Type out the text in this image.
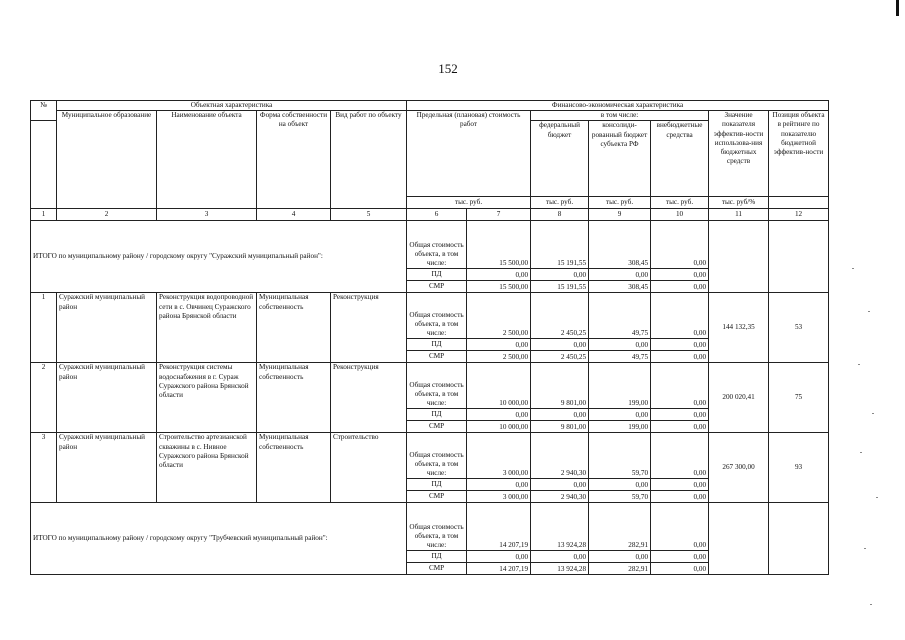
152
№	Объектная характеристика				Финансово-экономическая характеристика						
	Муниципальное образование	Наименование объекта	Форма собственности на объект	Вид работ по объекту	Предельная (плановая) стоимость работ		в том числе:			Значение показателя эффектив-ности использова-ния бюджетных средств	Позиция объекта в рейтинге по показателю бюджетной эффектив-ности
							федеральный бюджет	консолиди-рованный бюджет субъекта РФ	внебюджетные средства		
					тыс. руб.		тыс. руб.	тыс. руб.	тыс. руб.	тыс. руб/%	
1	2	3	4	5	6	7	8	9	10	11	12
ИТОГО по муниципальному району / городскому округу "Суражский муниципальный район":					Общая стоимость объекта, в том числе:	15 500,00	15 191,55	308,45	0,00		
					ПД	0,00	0,00	0,00	0,00		
					СМР	15 500,00	15 191,55	308,45	0,00		
1	Суражский муниципальный район	Реконструкция водопроводной сети в с. Овчинец Суражского района Брянской области	Муниципальная собственность	Реконструкция	Общая стоимость объекта, в том числе:	2 500,00	2 450,25	49,75	0,00	144 132,35	53
					ПД	0,00	0,00	0,00	0,00		
					СМР	2 500,00	2 450,25	49,75	0,00		
2	Суражский муниципальный район	Реконструкция системы водоснабжения в г. Сураж Суражского района Брянской области	Муниципальная собственность	Реконструкция	Общая стоимость объекта, в том числе:	10 000,00	9 801,00	199,00	0,00	200 020,41	75
					ПД	0,00	0,00	0,00	0,00		
					СМР	10 000,00	9 801,00	199,00	0,00		
3	Суражский муниципальный район	Строительство артезианской скважины в с. Нивное Суражского района Брянской области	Муниципальная собственность	Строительство	Общая стоимость объекта, в том числе:	3 000,00	2 940,30	59,70	0,00	267 300,00	93
					ПД	0,00	0,00	0,00	0,00		
					СМР	3 000,00	2 940,30	59,70	0,00		
ИТОГО по муниципальному району / городскому округу "Трубчевский муниципальный район":					Общая стоимость объекта, в том числе:	14 207,19	13 924,28	282,91	0,00		
					ПД	0,00	0,00	0,00	0,00		
					СМР	14 207,19	13 924,28	282,91	0,00		
